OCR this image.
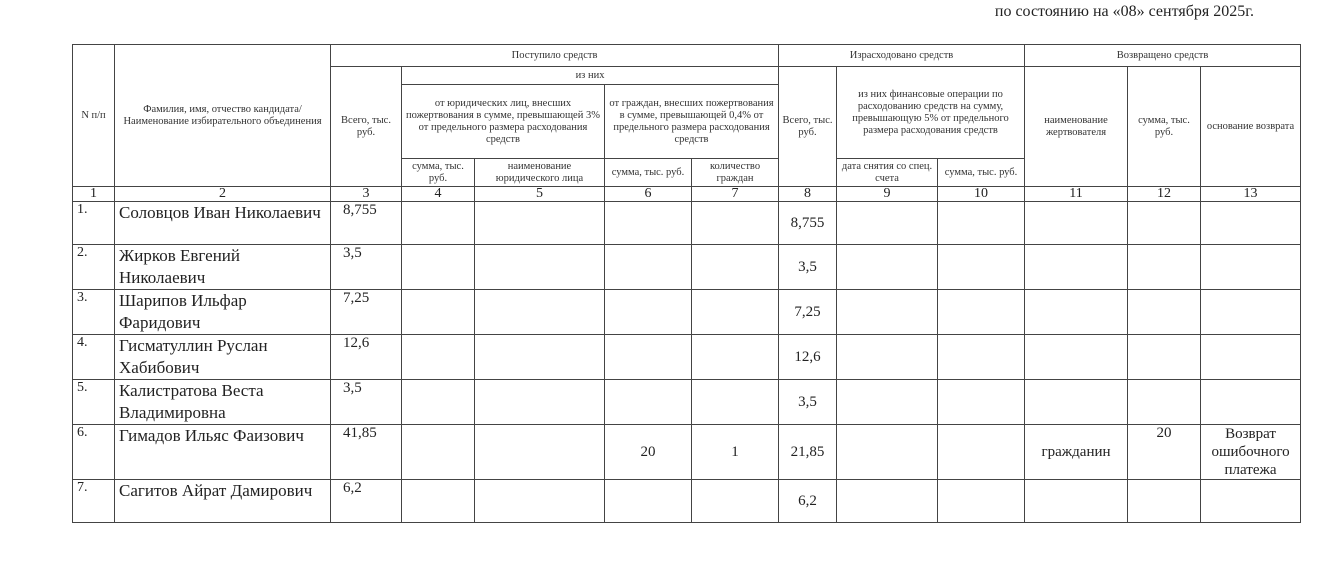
по состоянию на «08» сентября 2025г.
N п/п	Фамилия, имя, отчество кандидата/ Наименование избирательного объединения	Поступило средств					Израсходовано средств			Возвращено средств		
		Всего, тыс. руб.	из них				Всего, тыс. руб.	из них финансовые операции по расходованию средств на сумму, превышающую 5% от предельного размера расходования средств		наименование жертвователя	сумма, тыс. руб.	основание возврата
			от юридических лиц, внесших пожертвования в сумме, превышающей 3% от предельного размера расходования средств		от граждан, внесших пожертвования в сумме, превышающей 0,4% от предельного размера расходования средств							
			сумма, тыс. руб.	наименование юридического лица	сумма, тыс. руб.	количество граждан		дата снятия со спец. счета	сумма, тыс. руб.			
1	2	3	4	5	6	7	8	9	10	11	12	13
1.	Соловцов Иван Николаевич	8,755					8,755					
2.	Жирков Евгений Николаевич	3,5					3,5					
3.	Шарипов Ильфар Фаридович	7,25					7,25					
4.	Гисматуллин Руслан Хабибович	12,6					12,6					
5.	Калистратова Веста Владимировна	3,5					3,5					
6.	Гимадов Ильяс Фаизович	41,85			20	1	21,85			гражданин	20	Возврат ошибочного платежа
7.	Сагитов Айрат Дамирович	6,2					6,2					
